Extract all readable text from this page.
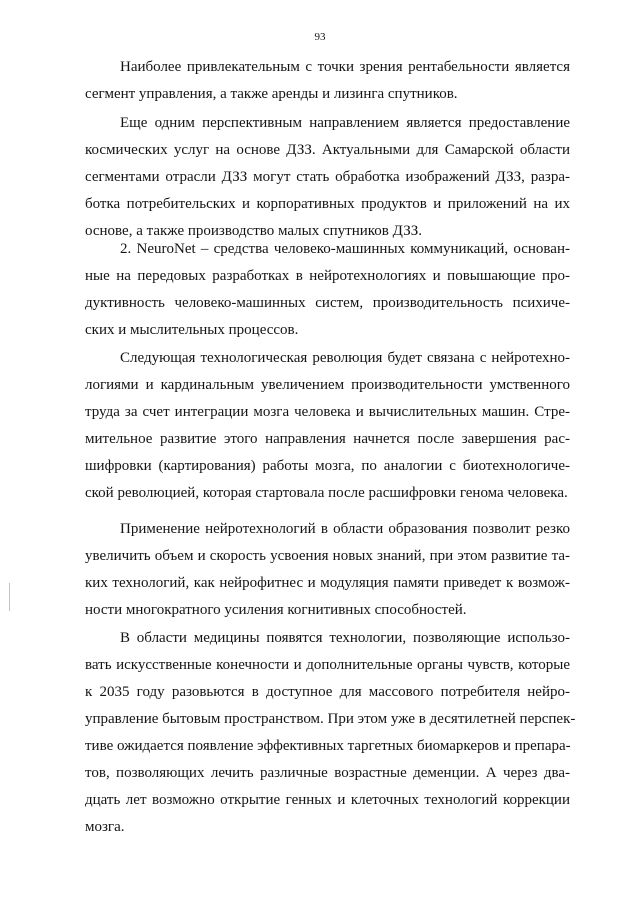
93
Наиболее привлекательным с точки зрения рентабельности является
сегмент управления, а также аренды и лизинга спутников.
Еще одним перспективным направлением является предоставление
космических услуг на основе ДЗЗ. Актуальными для Самарской области
сегментами отрасли ДЗЗ могут стать обработка изображений ДЗЗ, разра-
ботка потребительских и корпоративных продуктов и приложений на их
основе, а также производство малых спутников ДЗЗ.
2. NeuroNet – средства человеко-машинных коммуникаций, основан-
ные на передовых разработках в нейротехнологиях и повышающие про-
дуктивность человеко-машинных систем, производительность психиче-
ских и мыслительных процессов.
Следующая технологическая революция будет связана с нейротехно-
логиями и кардинальным увеличением производительности умственного
труда за счет интеграции мозга человека и вычислительных машин. Стре-
мительное развитие этого направления начнется после завершения рас-
шифровки (картирования) работы мозга, по аналогии с биотехнологиче-
ской революцией, которая стартовала после расшифровки генома человека.
Применение нейротехнологий в области образования позволит резко
увеличить объем и скорость усвоения новых знаний, при этом развитие та-
ких технологий, как нейрофитнес и модуляция памяти приведет к возмож-
ности многократного усиления когнитивных способностей.
В области медицины появятся технологии, позволяющие использо-
вать искусственные конечности и дополнительные органы чувств, которые
к 2035 году разовьются в доступное для массового потребителя нейро-
управление бытовым пространством. При этом уже в десятилетней перспек-
тиве ожидается появление эффективных таргетных биомаркеров и препара-
тов, позволяющих лечить различные возрастные деменции. А через два-
дцать лет возможно открытие генных и клеточных технологий коррекции
мозга.
